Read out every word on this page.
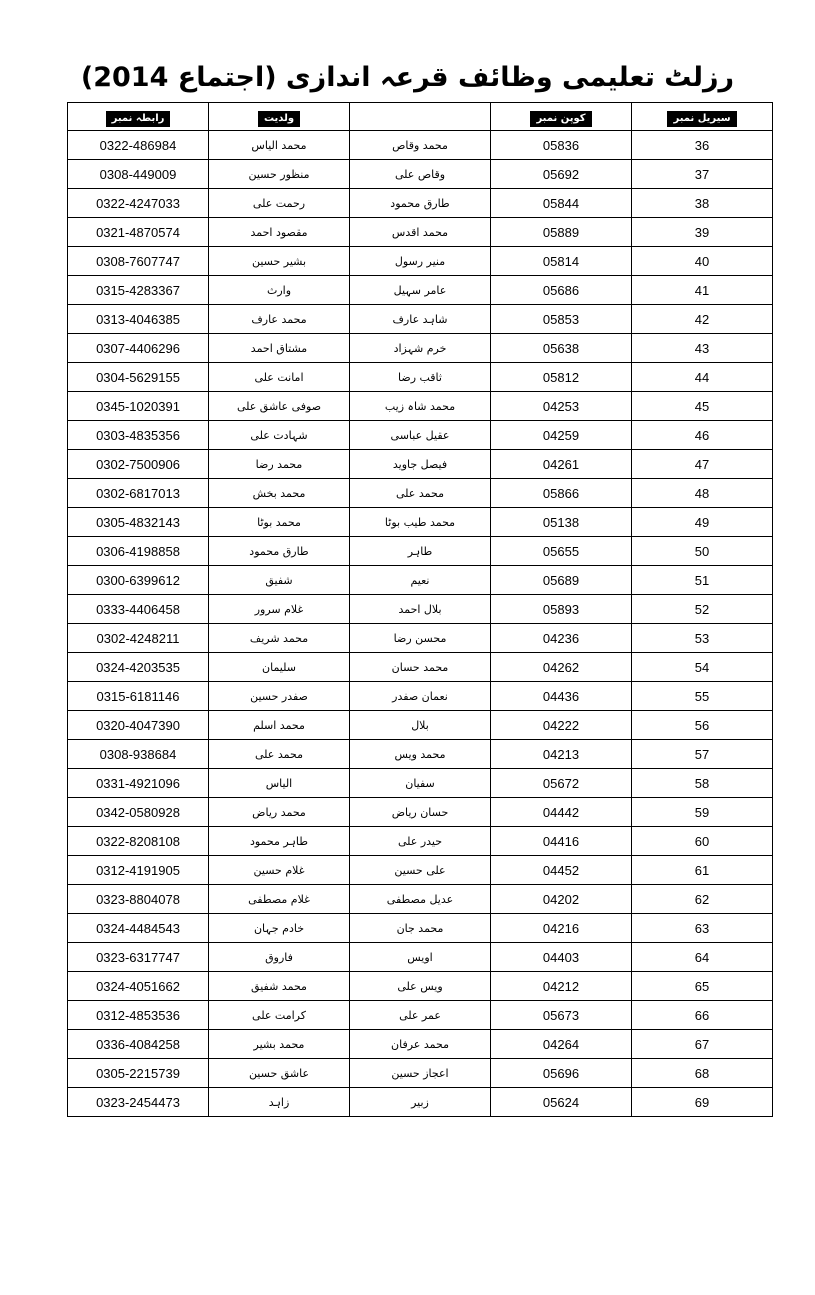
رزلٹ تعلیمی وظائف قرعہ اندازی (اجتماع 2014)
رابطہ نمبر	ولدیت		کوپن نمبر	سیریل نمبر
0322-486984	محمد الیاس	محمد وقاص	05836	36
0308-449009	منظور حسین	وقاص علی	05692	37
0322-4247033	رحمت علی	طارق محمود	05844	38
0321-4870574	مقصود احمد	محمد اقدس	05889	39
0308-7607747	بشیر حسین	منیر رسول	05814	40
0315-4283367	وارث	عامر سہیل	05686	41
0313-4046385	محمد عارف	شاہد عارف	05853	42
0307-4406296	مشتاق احمد	خرم شہزاد	05638	43
0304-5629155	امانت علی	ثاقب رضا	05812	44
0345-1020391	صوفی عاشق علی	محمد شاہ زیب	04253	45
0303-4835356	شہادت علی	عقیل عباسی	04259	46
0302-7500906	محمد رضا	فیصل جاوید	04261	47
0302-6817013	محمد بخش	محمد علی	05866	48
0305-4832143	محمد بوٹا	محمد طیب بوٹا	05138	49
0306-4198858	طارق محمود	طاہر	05655	50
0300-6399612	شفیق	نعیم	05689	51
0333-4406458	غلام سرور	بلال احمد	05893	52
0302-4248211	محمد شریف	محسن رضا	04236	53
0324-4203535	سلیمان	محمد حسان	04262	54
0315-6181146	صفدر حسین	نعمان صفدر	04436	55
0320-4047390	محمد اسلم	بلال	04222	56
0308-938684	محمد علی	محمد ویس	04213	57
0331-4921096	الیاس	سفیان	05672	58
0342-0580928	محمد ریاض	حسان ریاض	04442	59
0322-8208108	طاہر محمود	حیدر علی	04416	60
0312-4191905	غلام حسین	علی حسین	04452	61
0323-8804078	غلام مصطفی	عدیل مصطفی	04202	62
0324-4484543	خادم جہان	محمد جان	04216	63
0323-6317747	فاروق	اویس	04403	64
0324-4051662	محمد شفیق	ویس علی	04212	65
0312-4853536	کرامت علی	عمر علی	05673	66
0336-4084258	محمد بشیر	محمد عرفان	04264	67
0305-2215739	عاشق حسین	اعجاز حسین	05696	68
0323-2454473	زاہد	زبیر	05624	69
